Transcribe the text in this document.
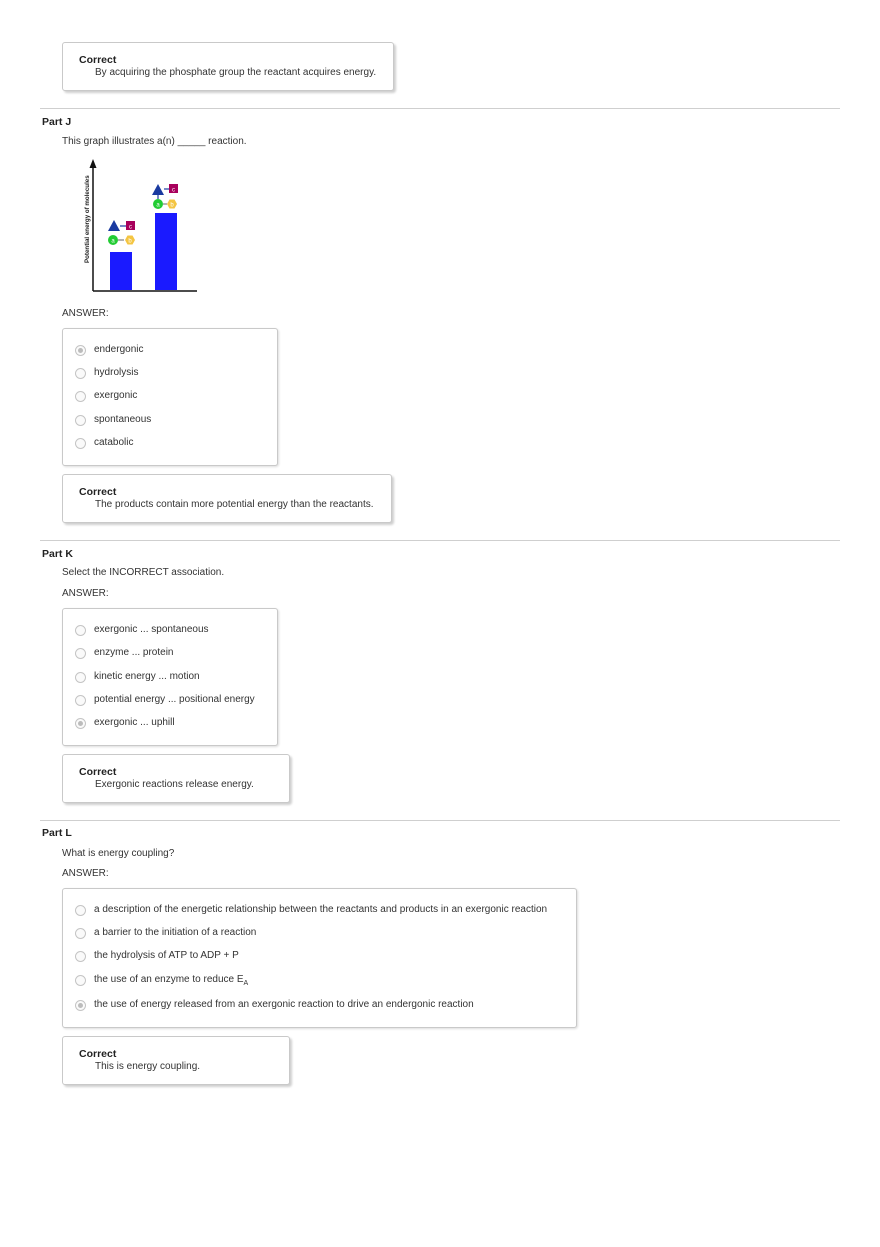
Correct
By acquiring the phosphate group the reactant acquires energy.
Part J
This graph illustrates a(n) _____ reaction.
Potential energy of molecules	c
a b
c
a b
ANSWER:
endergonic
hydrolysis
exergonic
spontaneous
catabolic
Correct
The products contain more potential energy than the reactants.
Part K
Select the INCORRECT association.
ANSWER:
exergonic ... spontaneous
enzyme ... protein
kinetic energy ... motion
potential energy ... positional energy
exergonic ... uphill
Correct
Exergonic reactions release energy.
Part L
What is energy coupling?
ANSWER:
a description of the energetic relationship between the reactants and products in an exergonic reaction
a barrier to the initiation of a reaction
the hydrolysis of ATP to ADP + P
the use of an enzyme to reduce $E_A$
the use of energy released from an exergonic reaction to drive an endergonic reaction
Correct
This is energy coupling.
